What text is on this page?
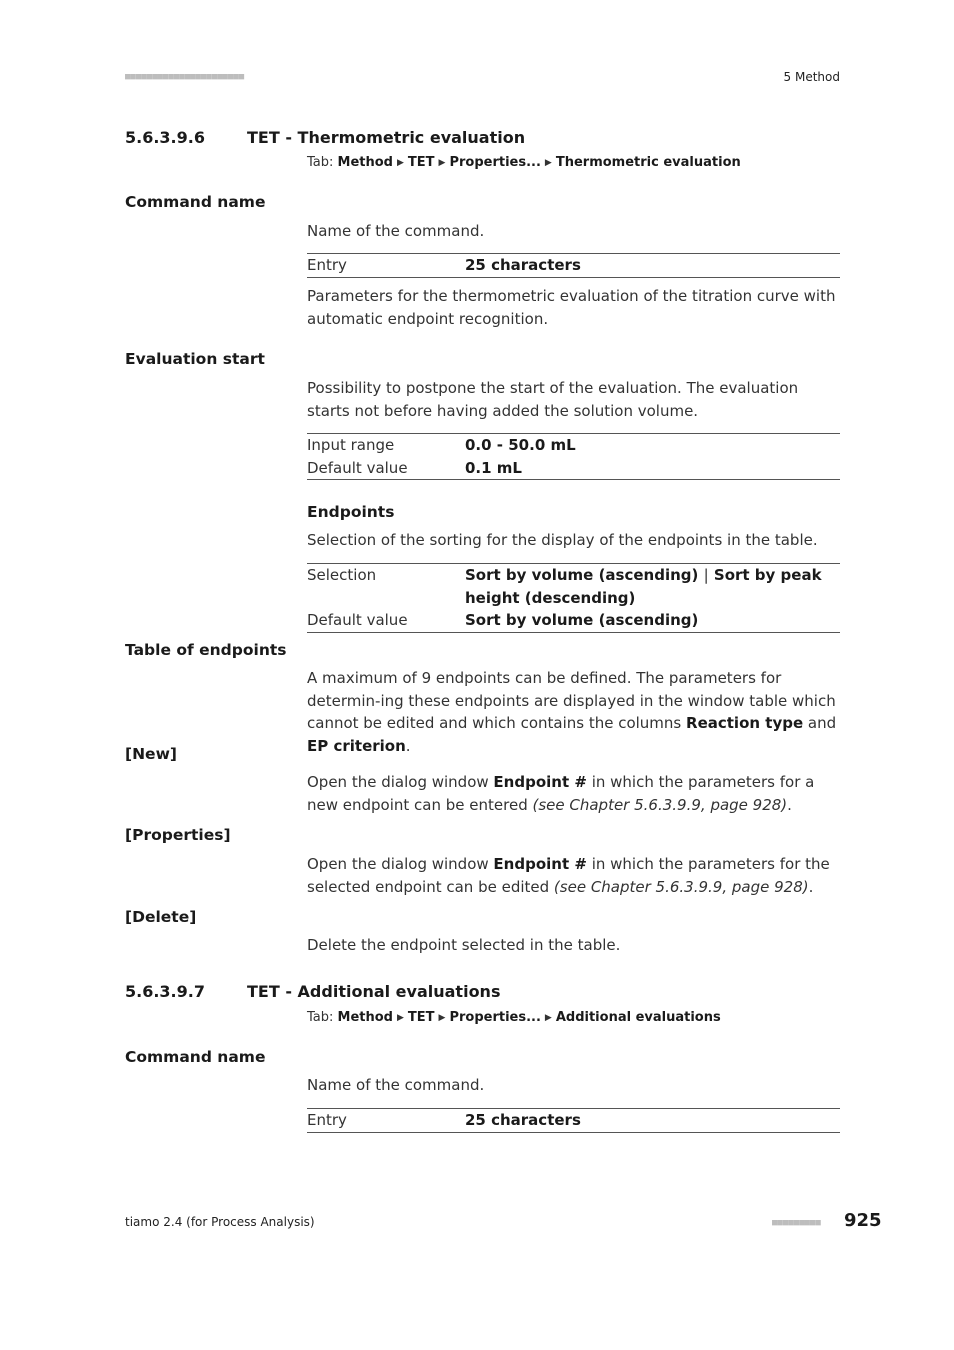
■■■■■■■■■■■■■■■■■■■■■■	5 Method
5.6.3.9.6	TET - Thermometric evaluation
Tab: Method ▶ TET ▶ Properties... ▶ Thermometric evaluation
Command name
Name of the command.
Entry	25 characters
Parameters for the thermometric evaluation of the titration curve with automatic endpoint recognition.
Evaluation start
Possibility to postpone the start of the evaluation. The evaluation starts not before having added the solution volume.
Input range	0.0 - 50.0 mL
Default value	0.1 mL
Endpoints
Selection of the sorting for the display of the endpoints in the table.
Selection	Sort by volume (ascending) | Sort by peak height (descending)
Default value	Sort by volume (ascending)
Table of endpoints
A maximum of 9 endpoints can be defined. The parameters for determin-ing these endpoints are displayed in the window table which cannot be edited and which contains the columns Reaction type and EP criterion.
[New]
Open the dialog window Endpoint # in which the parameters for a new endpoint can be entered (see Chapter 5.6.3.9.9, page 928).
[Properties]
Open the dialog window Endpoint # in which the parameters for the selected endpoint can be edited (see Chapter 5.6.3.9.9, page 928).
[Delete]
Delete the endpoint selected in the table.
5.6.3.9.7	TET - Additional evaluations
Tab: Method ▶ TET ▶ Properties... ▶ Additional evaluations
Command name
Name of the command.
Entry	25 characters
tiamo 2.4 (for Process Analysis)	■■■■■■■■■ 925
